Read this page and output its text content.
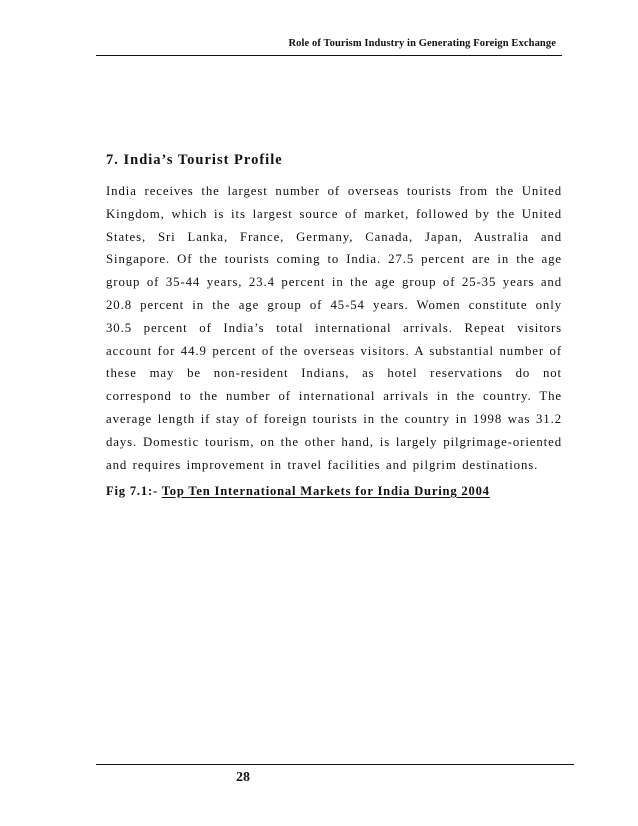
Role of Tourism Industry in Generating Foreign Exchange
7. India’s Tourist Profile

India receives the largest number of overseas tourists from the United Kingdom, which is its largest source of market, followed by the United States, Sri Lanka, France, Germany, Canada, Japan, Australia and Singapore. Of the tourists coming to India. 27.5 percent are in the age group of 35-44 years, 23.4 percent in the age group of 25-35 years and 20.8 percent in the age group of 45-54 years. Women constitute only 30.5 percent of India’s total international arrivals. Repeat visitors account for 44.9 percent of the overseas visitors. A substantial number of these may be non-resident Indians, as hotel reservations do not correspond to the number of international arrivals in the country. The average length if stay of foreign tourists in the country in 1998 was 31.2 days. Domestic tourism, on the other hand, is largely pilgrimage-oriented and requires improvement in travel facilities and pilgrim destinations.

Fig 7.1:- Top Ten International Markets for India During 2004
28
